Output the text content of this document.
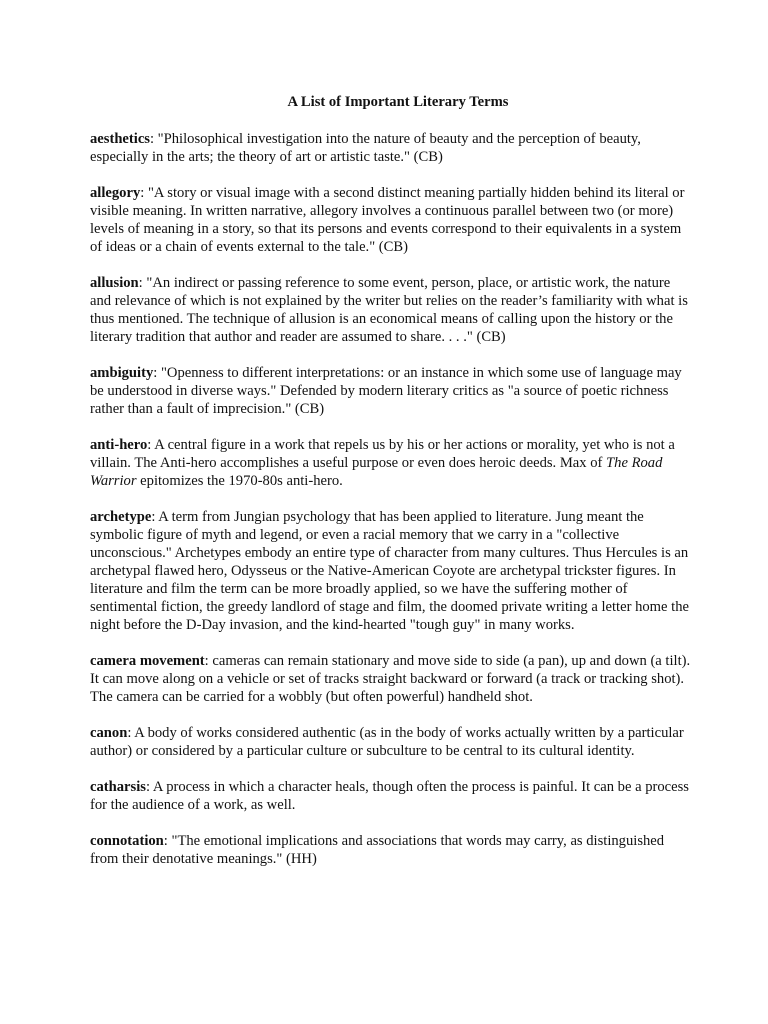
A List of Important Literary Terms

aesthetics: "Philosophical investigation into the nature of beauty and the perception of beauty, especially in the arts; the theory of art or artistic taste." (CB)

allegory: "A story or visual image with a second distinct meaning partially hidden behind its literal or visible meaning. In written narrative, allegory involves a continuous parallel between two (or more) levels of meaning in a story, so that its persons and events correspond to their equivalents in a system of ideas or a chain of events external to the tale." (CB)

allusion: "An indirect or passing reference to some event, person, place, or artistic work, the nature and relevance of which is not explained by the writer but relies on the reader’s familiarity with what is thus mentioned. The technique of allusion is an economical means of calling upon the history or the literary tradition that author and reader are assumed to share. . . ." (CB)

ambiguity: "Openness to different interpretations: or an instance in which some use of language may be understood in diverse ways." Defended by modern literary critics as "a source of poetic richness rather than a fault of imprecision." (CB)

anti-hero: A central figure in a work that repels us by his or her actions or morality, yet who is not a villain. The Anti-hero accomplishes a useful purpose or even does heroic deeds. Max of The Road Warrior epitomizes the 1970-80s anti-hero.

archetype: A term from Jungian psychology that has been applied to literature. Jung meant the symbolic figure of myth and legend, or even a racial memory that we carry in a "collective unconscious." Archetypes embody an entire type of character from many cultures. Thus Hercules is an archetypal flawed hero, Odysseus or the Native-American Coyote are archetypal trickster figures. In literature and film the term can be more broadly applied, so we have the suffering mother of sentimental fiction, the greedy landlord of stage and film, the doomed private writing a letter home the night before the D-Day invasion, and the kind-hearted "tough guy" in many works.

camera movement: cameras can remain stationary and move side to side (a pan), up and down (a tilt). It can move along on a vehicle or set of tracks straight backward or forward (a track or tracking shot). The camera can be carried for a wobbly (but often powerful) handheld shot.

canon: A body of works considered authentic (as in the body of works actually written by a particular author) or considered by a particular culture or subculture to be central to its cultural identity.

catharsis: A process in which a character heals, though often the process is painful. It can be a process for the audience of a work, as well.

connotation: "The emotional implications and associations that words may carry, as distinguished from their denotative meanings." (HH)
